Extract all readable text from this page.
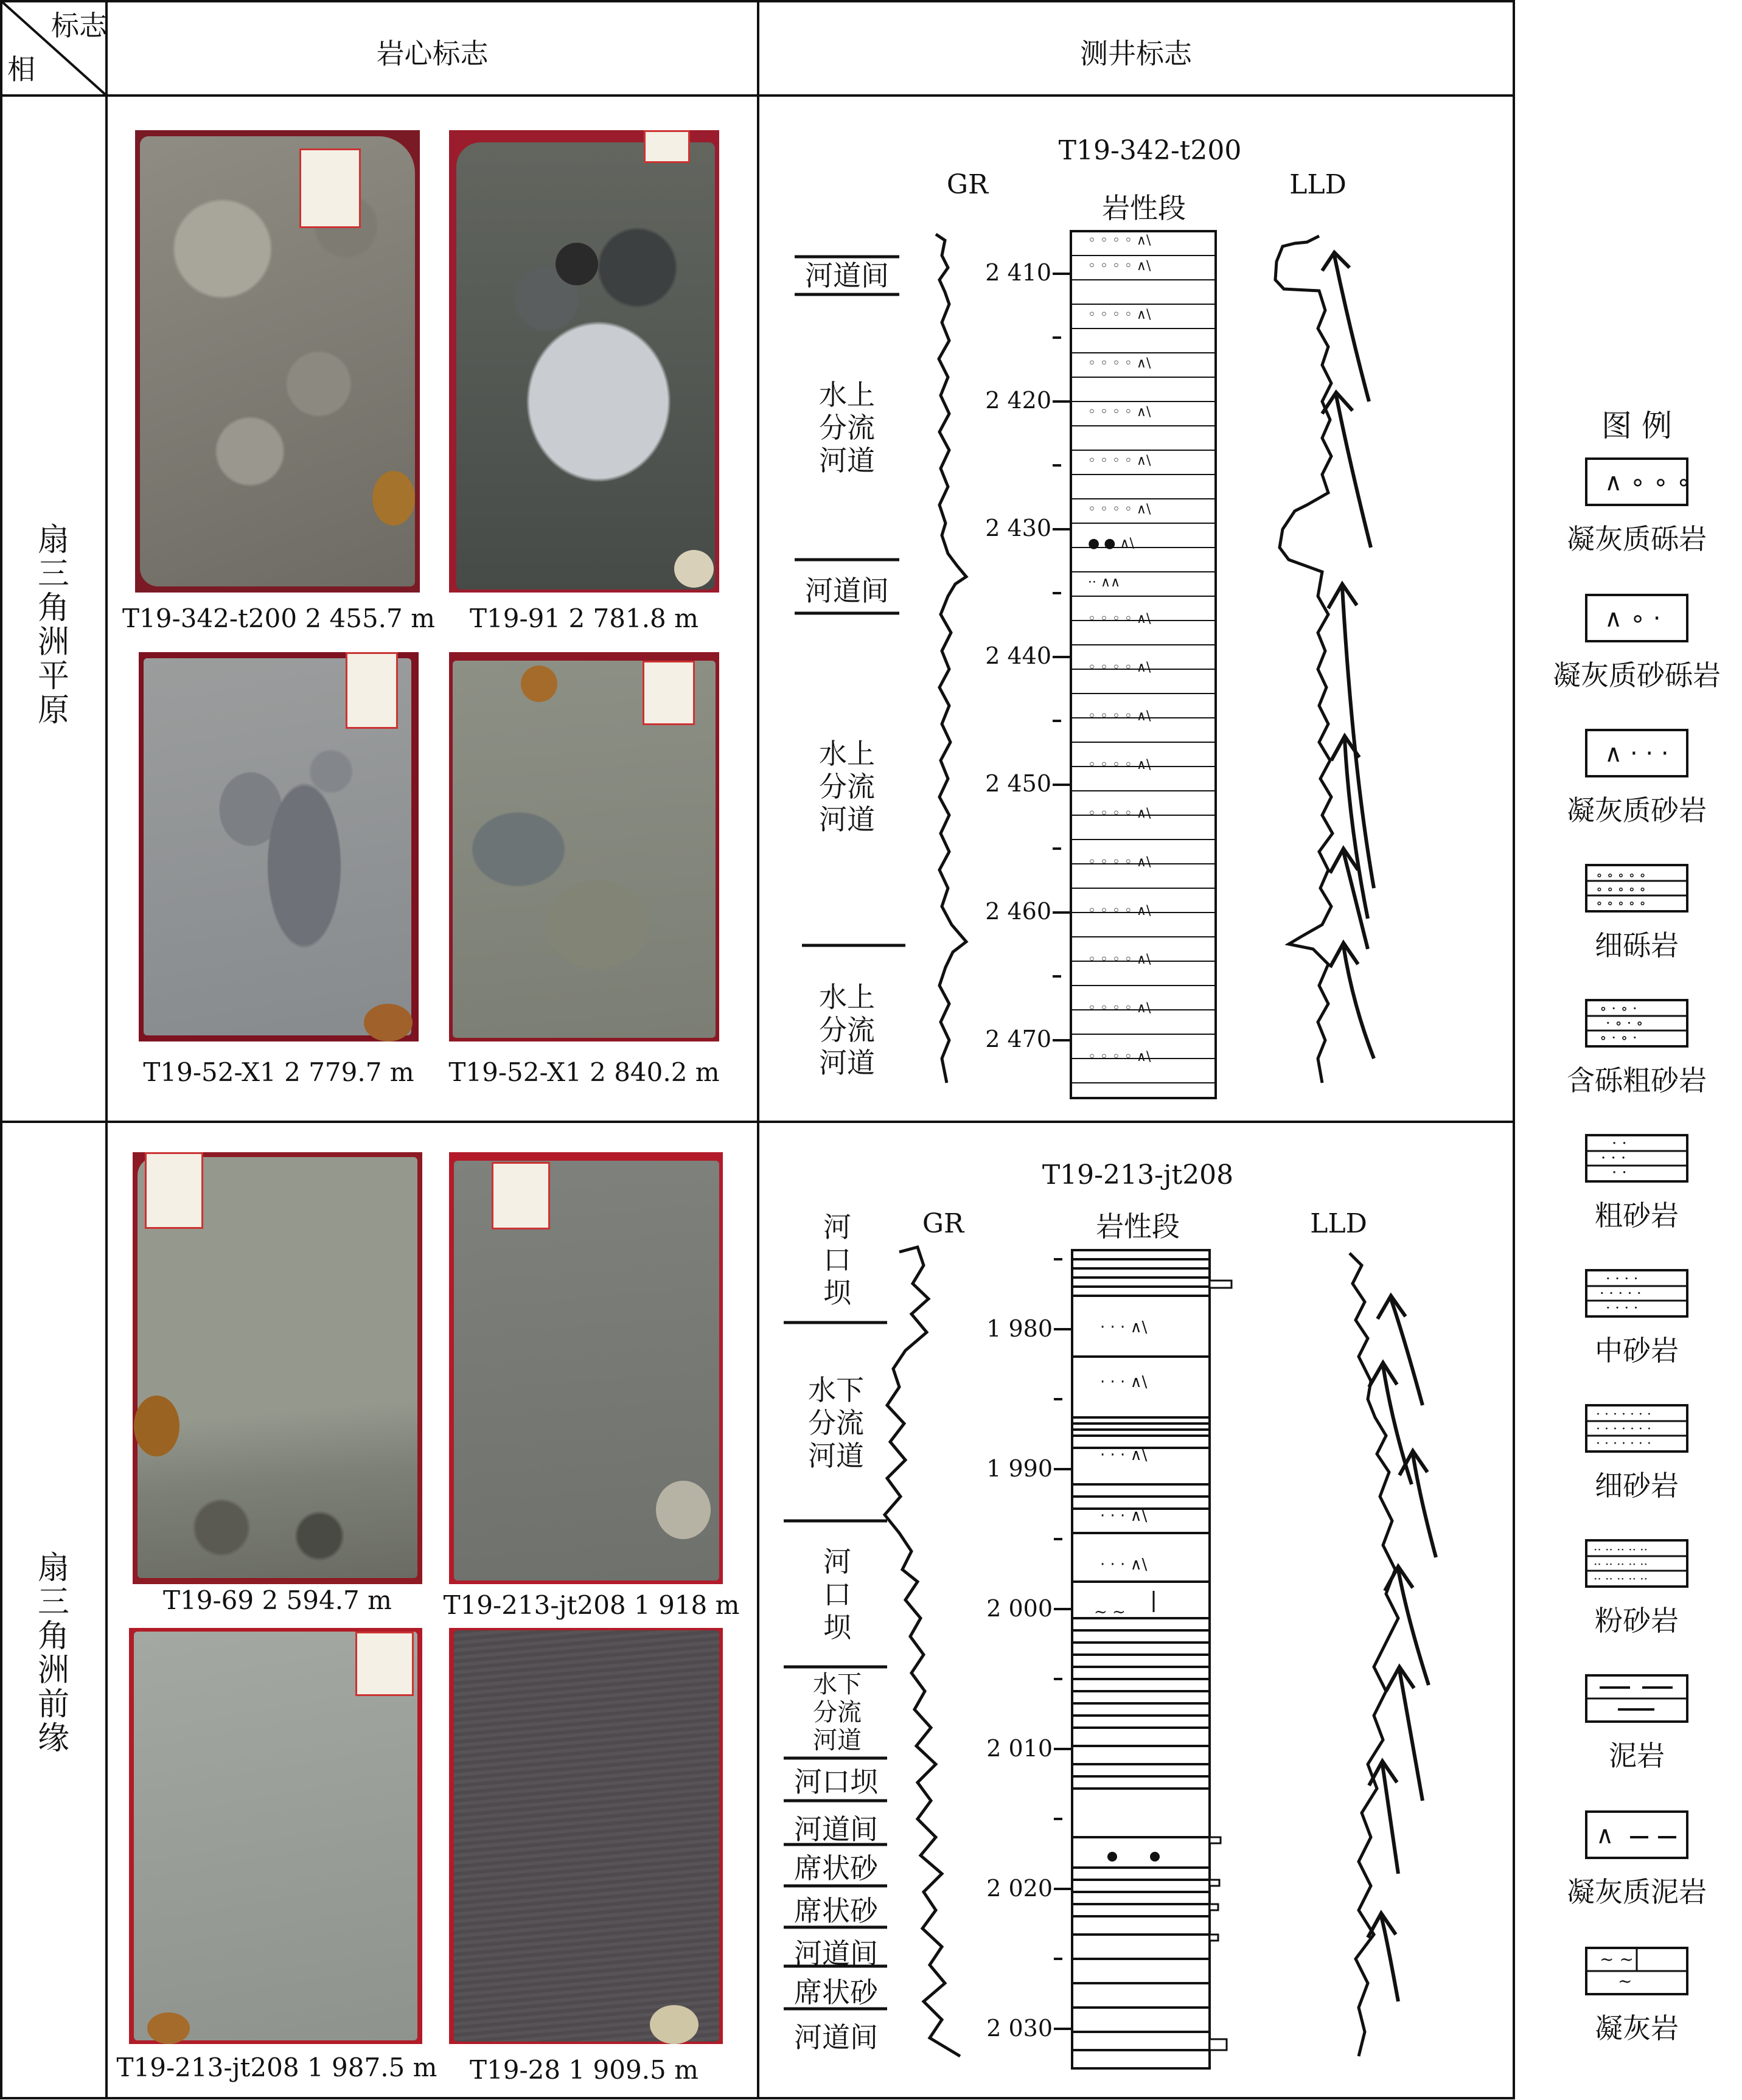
标志
相	岩心标志	测井标志
扇
三
角
洲
平
原
T19-342-t200 2 455.7 m	T19-91 2 781.8 m
T19-52-X1 2 779.7 m	T19-52-X1 2 840.2 m
T19-342-t200
GR
岩性段
LLD
◦ ◦ ◦ ◦ ∧\
◦ ◦ ◦ ◦ ∧\
◦ ◦ ◦ ◦ ∧\
◦ ◦ ◦ ◦ ∧\
◦ ◦ ◦ ◦ ∧\
◦ ◦ ◦ ◦ ∧\
◦ ◦ ◦ ◦ ∧\
◦ ◦ ◦ ◦ ∧\
◦ ◦ ◦ ◦ ∧\
◦ ◦ ◦ ◦ ∧\
◦ ◦ ◦ ◦ ∧\
◦ ◦ ◦ ◦ ∧\
◦ ◦ ◦ ◦ ∧\
◦ ◦ ◦ ◦ ∧\
◦ ◦ ◦ ◦ ∧\
◦ ◦ ◦ ◦ ∧\
◦ ◦ ◦ ◦ ∧\
● ● ∧\
⋅⋅ ∧∧
2 410
2 420
2 430
2 440
2 450
2 460
2 470
河道间
水上
分流
河道
河道间
水上
分流
河道
水上
分流
河道
扇
三
角
洲
前
缘
T19-69 2 594.7 m	T19-213-jt208 1 918 m
T19-213-jt208 1 987.5 m	T19-28 1 909.5 m
T19-213-jt208
GR	岩性段	LLD
· · · ∧\
· · · ∧\
· · · ∧\
· · · ∧\
· · · ∧\
~ ~
1 980
1 990
2 000
2 010
2 020
2 030
河
口
坝
水下
分流
河道
河
口
坝
水下
分流
河道
河口坝
河道间
席状砂
席状砂
河道间
席状砂
河道间
图 例
∧ ∘ ∘ ∘
凝灰质砾岩
∧ ∘ ·
凝灰质砂砾岩
∧ · · ·
凝灰质砂岩
∘ ∘ ∘ ∘ ∘
∘ ∘ ∘ ∘ ∘
∘ ∘ ∘ ∘ ∘
细砾岩
∘ · ∘ ·
· ∘ · ∘
∘ · ∘ ·
含砾粗砂岩
· ·
· · ·
· ·
粗砂岩
· · · ·
· · · · ·
· · · ·
中砂岩
· · · · · · ·
· · · · · · ·
· · · · · · ·
细砂岩
·· ·· ·· ·· ··
·· ·· ·· ·· ··
·· ·· ·· ·· ··
粉砂岩
泥岩
∧
凝灰质泥岩
~ ~
~
凝灰岩
